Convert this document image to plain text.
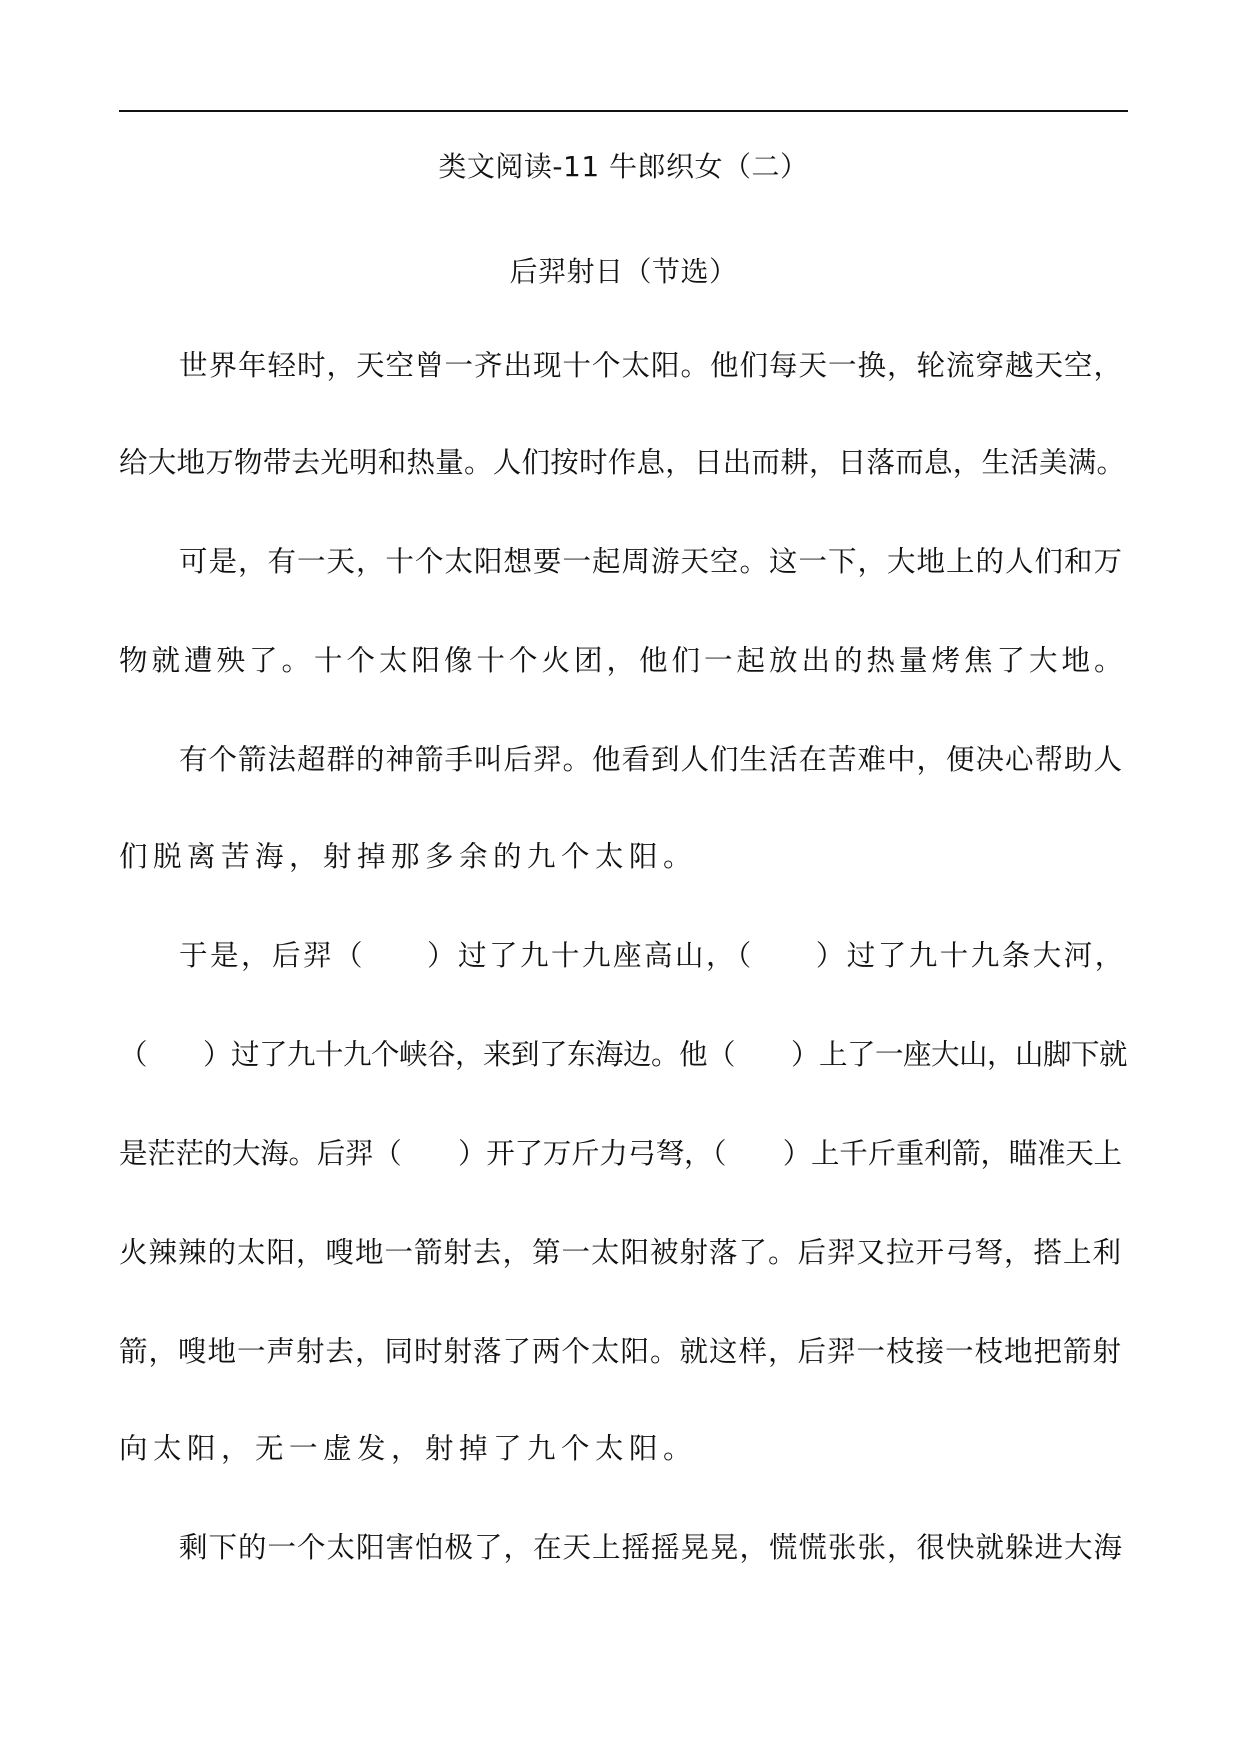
类文阅读-11 牛郎织女（二）
后羿射日（节选）
世界年轻时，天空曾一齐出现十个太阳。他们每天一换，轮流穿越天空，
给大地万物带去光明和热量。人们按时作息，日出而耕，日落而息，生活美满。
可是，有一天，十个太阳想要一起周游天空。这一下，大地上的人们和万
物就遭殃了。十个太阳像十个火团，他们一起放出的热量烤焦了大地。
有个箭法超群的神箭手叫后羿。他看到人们生活在苦难中，便决心帮助人
们脱离苦海，射掉那多余的九个太阳。
于是，后羿（　　）过了九十九座高山，（　　）过了九十九条大河，
（　　）过了九十九个峡谷，来到了东海边。他（　　）上了一座大山，山脚下就
是茫茫的大海。后羿（　　）开了万斤力弓弩，（　　）上千斤重利箭，瞄准天上
火辣辣的太阳，嗖地一箭射去，第一太阳被射落了。后羿又拉开弓弩，搭上利
箭，嗖地一声射去，同时射落了两个太阳。就这样，后羿一枝接一枝地把箭射
向太阳，无一虚发，射掉了九个太阳。
剩下的一个太阳害怕极了，在天上摇摇晃晃，慌慌张张，很快就躲进大海
